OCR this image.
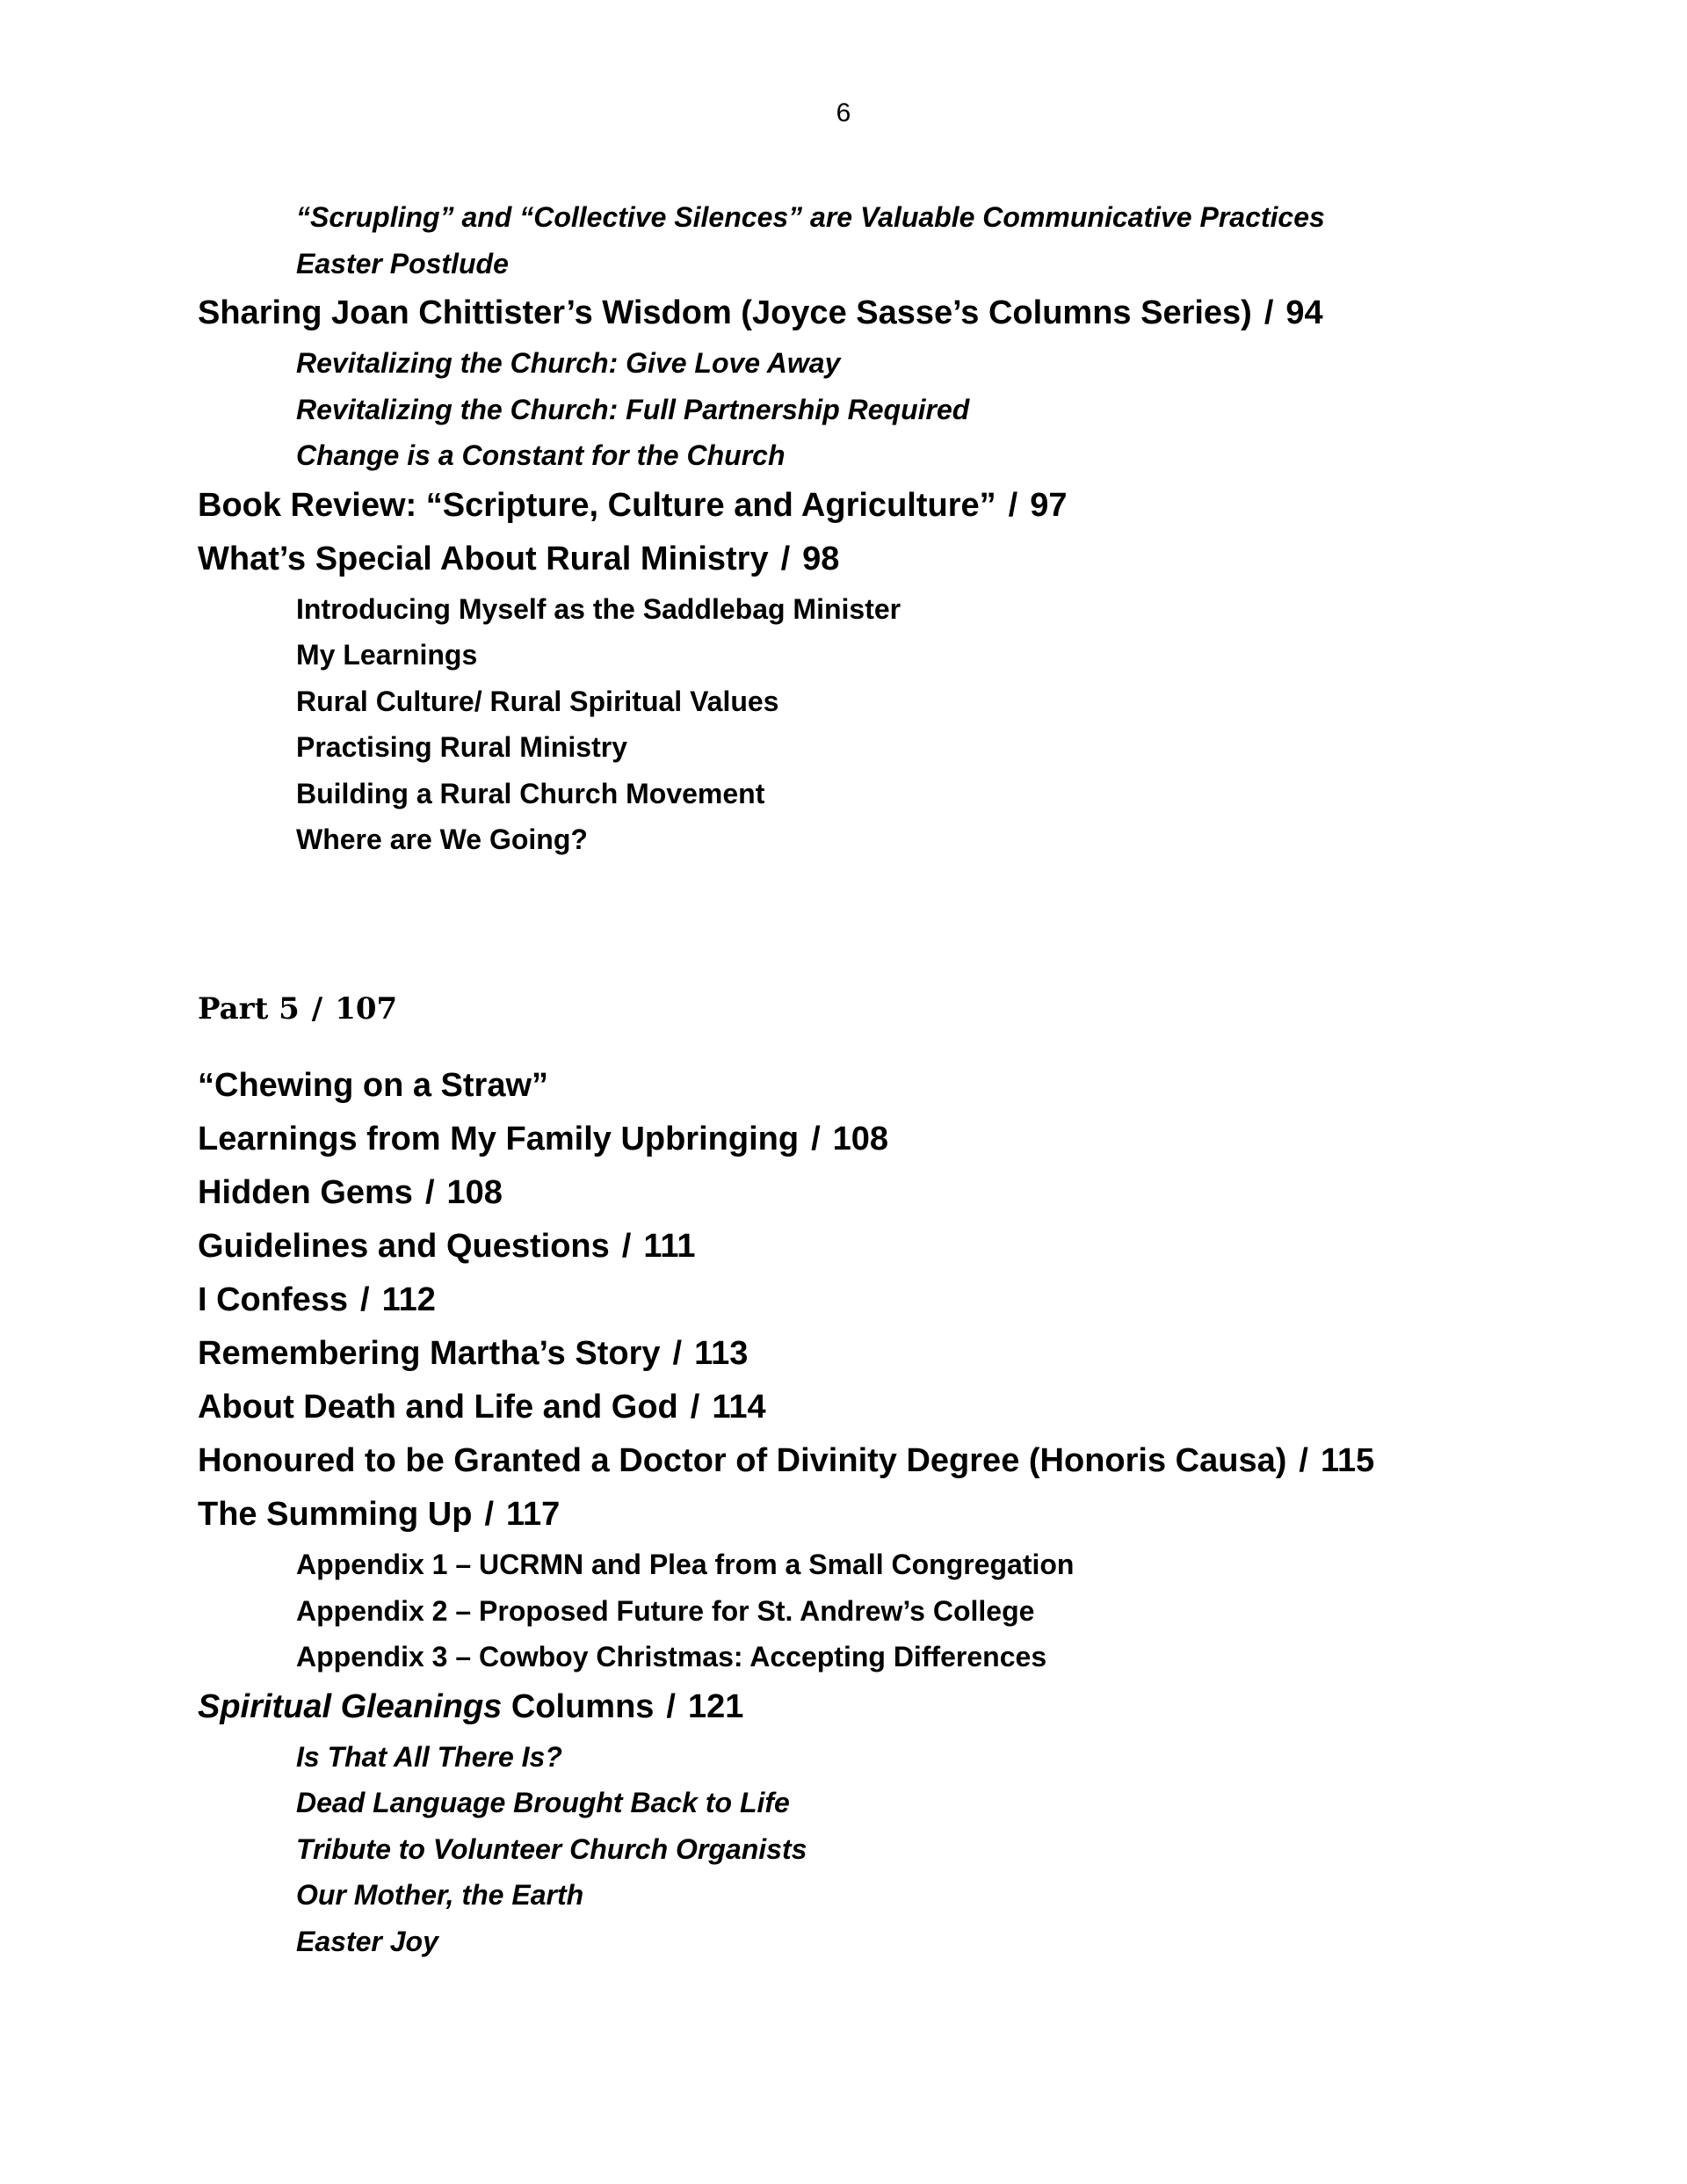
6
“Scrupling” and “Collective Silences” are Valuable Communicative Practices
Easter Postlude
Sharing Joan Chittister’s Wisdom (Joyce Sasse’s Columns Series) / 94
Revitalizing the Church: Give Love Away
Revitalizing the Church: Full Partnership Required
Change is a Constant for the Church
Book Review: “Scripture, Culture and Agriculture” / 97
What’s Special About Rural Ministry / 98
Introducing Myself as the Saddlebag Minister
My Learnings
Rural Culture/ Rural Spiritual Values
Practising Rural Ministry
Building a Rural Church Movement
Where are We Going?
Part 5 / 107
“Chewing on a Straw”
Learnings from My Family Upbringing / 108
Hidden Gems / 108
Guidelines and Questions / 111
I Confess / 112
Remembering Martha’s Story / 113
About Death and Life and God / 114
Honoured to be Granted a Doctor of Divinity Degree (Honoris Causa) / 115
The Summing Up / 117
Appendix 1 – UCRMN and Plea from a Small Congregation
Appendix 2 – Proposed Future for St. Andrew’s College
Appendix 3 – Cowboy Christmas: Accepting Differences
Spiritual Gleanings Columns / 121
Is That All There Is?
Dead Language Brought Back to Life
Tribute to Volunteer Church Organists
Our Mother, the Earth
Easter Joy
